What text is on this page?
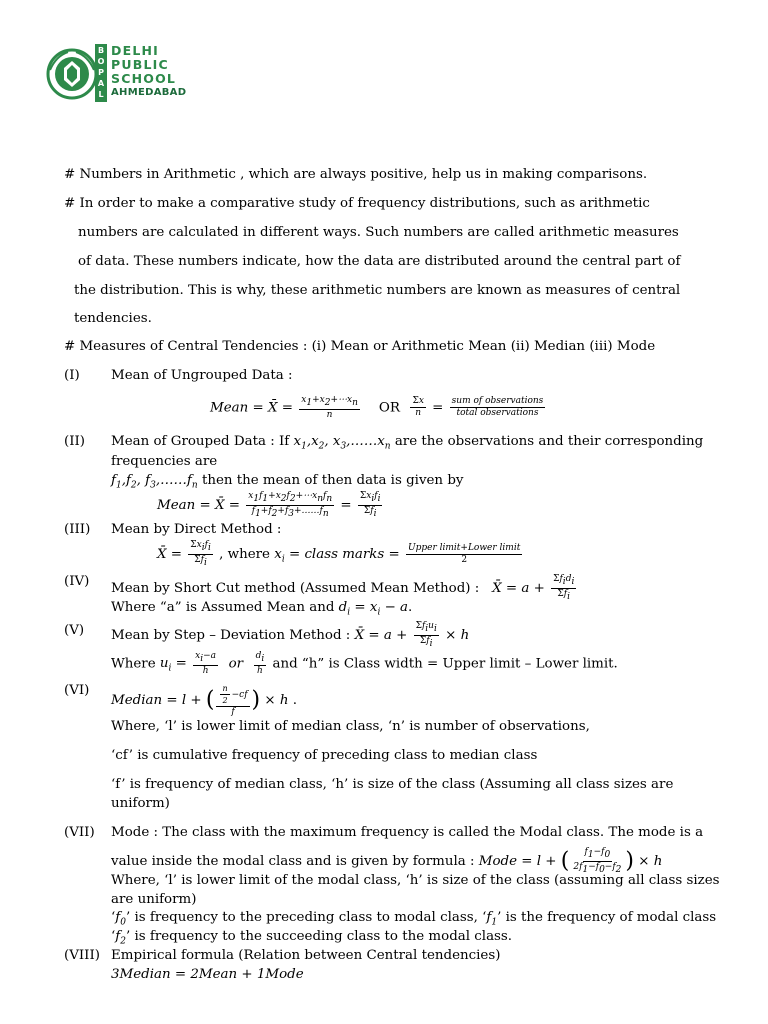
B
O
P
A
L
DELHI
PUBLIC
SCHOOL
AHMEDABAD
# Numbers in Arithmetic , which are always positive, help us in making comparisons.
# In order to make a comparative study of frequency distributions, such as arithmetic
numbers are calculated in different ways. Such numbers are called arithmetic measures
of data. These numbers indicate, how the data are distributed around the central part of
the distribution. This is why, these arithmetic numbers are known as measures of central
tendencies.
# Measures of Central Tendencies : (i) Mean or Arithmetic Mean (ii) Median (iii) Mode
(I) Mean of Ungrouped Data :
Mean = X̄ = $\frac{x_1+x_2+\cdots x_n}{n}$ OR $\frac{\Sigma x}{n} = \frac{\text{sum of observations}}{\text{total observations}}$
(II) Mean of Grouped Data : If $x_1,x_2$, $x_3,\dots\dots x_n$ are the observations and their corresponding
frequencies are
$f_1,f_2$, $f_3,\dots\dots f_n$ then the mean of then data is given by
Mean = X̄ = $\frac{x_1f_1+x_2f_2+\cdots x_nf_n}{f_1+f_2+f_3+\dots\dots f_n} = \frac{\Sigma x_if_i}{\Sigma f_i}$
(III) Mean by Direct Method :
X̄ = $\frac{\Sigma x_if_i}{\Sigma f_i}$ , where $x_i$ = class marks = $\frac{\text{Upper limit+Lower limit}}{2}$
(IV) Mean by Short Cut method (Assumed Mean Method) : X̄ = $a + \frac{\Sigma f_id_i}{\Sigma f_i}$
Where “a” is Assumed Mean and $d_i = x_i - a$.
(V) Mean by Step – Deviation Method : X̄ = $a + \frac{\Sigma f_iu_i}{\Sigma f_i} \times h$
Where $u_i = \frac{x_i-a}{h}$ or $\frac{d_i}{h}$ and “h” is Class width = Upper limit – Lower limit.
(VI)
Median = l + ( $\frac{\frac{n}{2} -cf}{f}$ ) × h .
Where, ‘l’ is lower limit of median class, ‘n’ is number of observations,
‘cf’ is cumulative frequency of preceding class to median class
‘f’ is frequency of median class, ‘h’ is size of the class (Assuming all class sizes are
uniform)
(VII) Mode : The class with the maximum frequency is called the Modal class. The mode is a
value inside the modal class and is given by formula : Mode = l + ( $\frac{f_1-f_0}{2f_1-f_0-f_2}$ ) × h
Where, ‘l’ is lower limit of the modal class, ‘h’ is size of the class (assuming all class sizes
are uniform)
‘$f_0$’ is frequency to the preceding class to modal class, ‘$f_1$’ is the frequency of modal class
‘$f_2$’ is frequency to the succeeding class to the modal class.
(VIII) Empirical formula (Relation between Central tendencies)
3Median = 2Mean + 1Mode
